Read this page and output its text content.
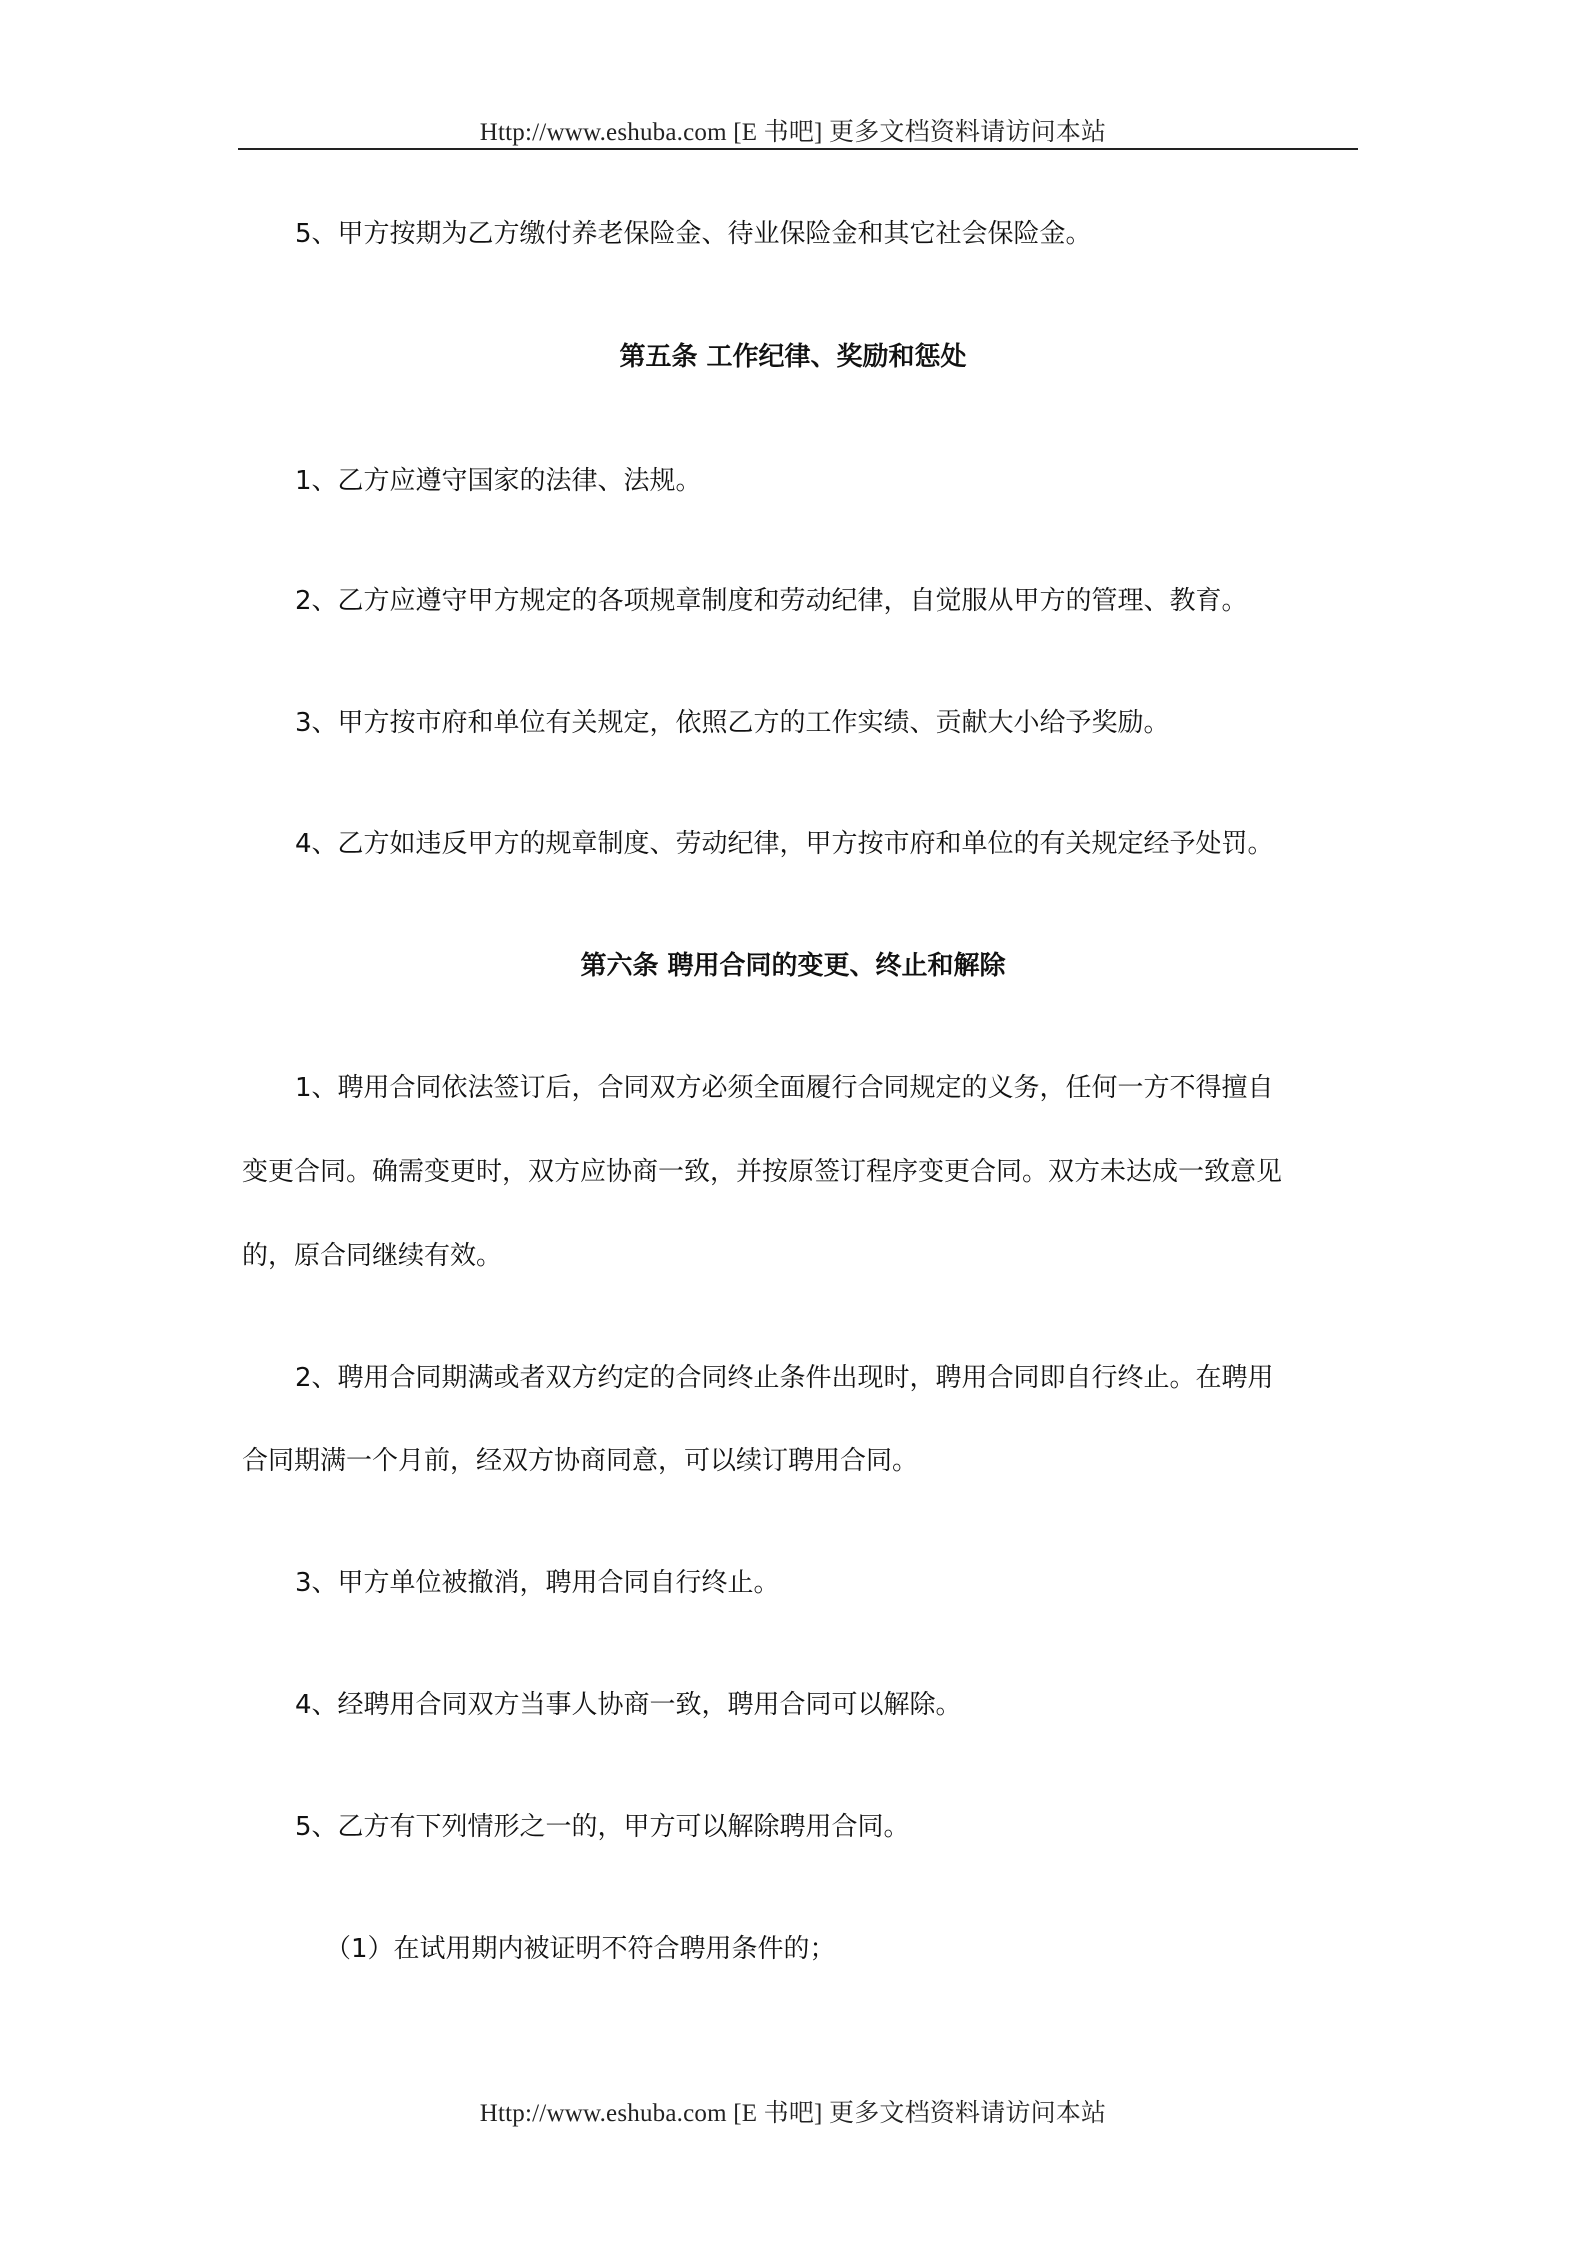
Http://www.eshuba.com [E 书吧] 更多文档资料请访问本站
5、甲方按期为乙方缴付养老保险金、待业保险金和其它社会保险金。
第五条 工作纪律、奖励和惩处
1、乙方应遵守国家的法律、法规。
2、乙方应遵守甲方规定的各项规章制度和劳动纪律，自觉服从甲方的管理、教育。
3、甲方按市府和单位有关规定，依照乙方的工作实绩、贡献大小给予奖励。
4、乙方如违反甲方的规章制度、劳动纪律，甲方按市府和单位的有关规定经予处罚。
第六条 聘用合同的变更、终止和解除
1、聘用合同依法签订后，合同双方必须全面履行合同规定的义务，任何一方不得擅自
变更合同。确需变更时，双方应协商一致，并按原签订程序变更合同。双方未达成一致意见
的，原合同继续有效。
2、聘用合同期满或者双方约定的合同终止条件出现时，聘用合同即自行终止。在聘用
合同期满一个月前，经双方协商同意，可以续订聘用合同。
3、甲方单位被撤消，聘用合同自行终止。
4、经聘用合同双方当事人协商一致，聘用合同可以解除。
5、乙方有下列情形之一的，甲方可以解除聘用合同。
（1）在试用期内被证明不符合聘用条件的；
Http://www.eshuba.com [E 书吧] 更多文档资料请访问本站
